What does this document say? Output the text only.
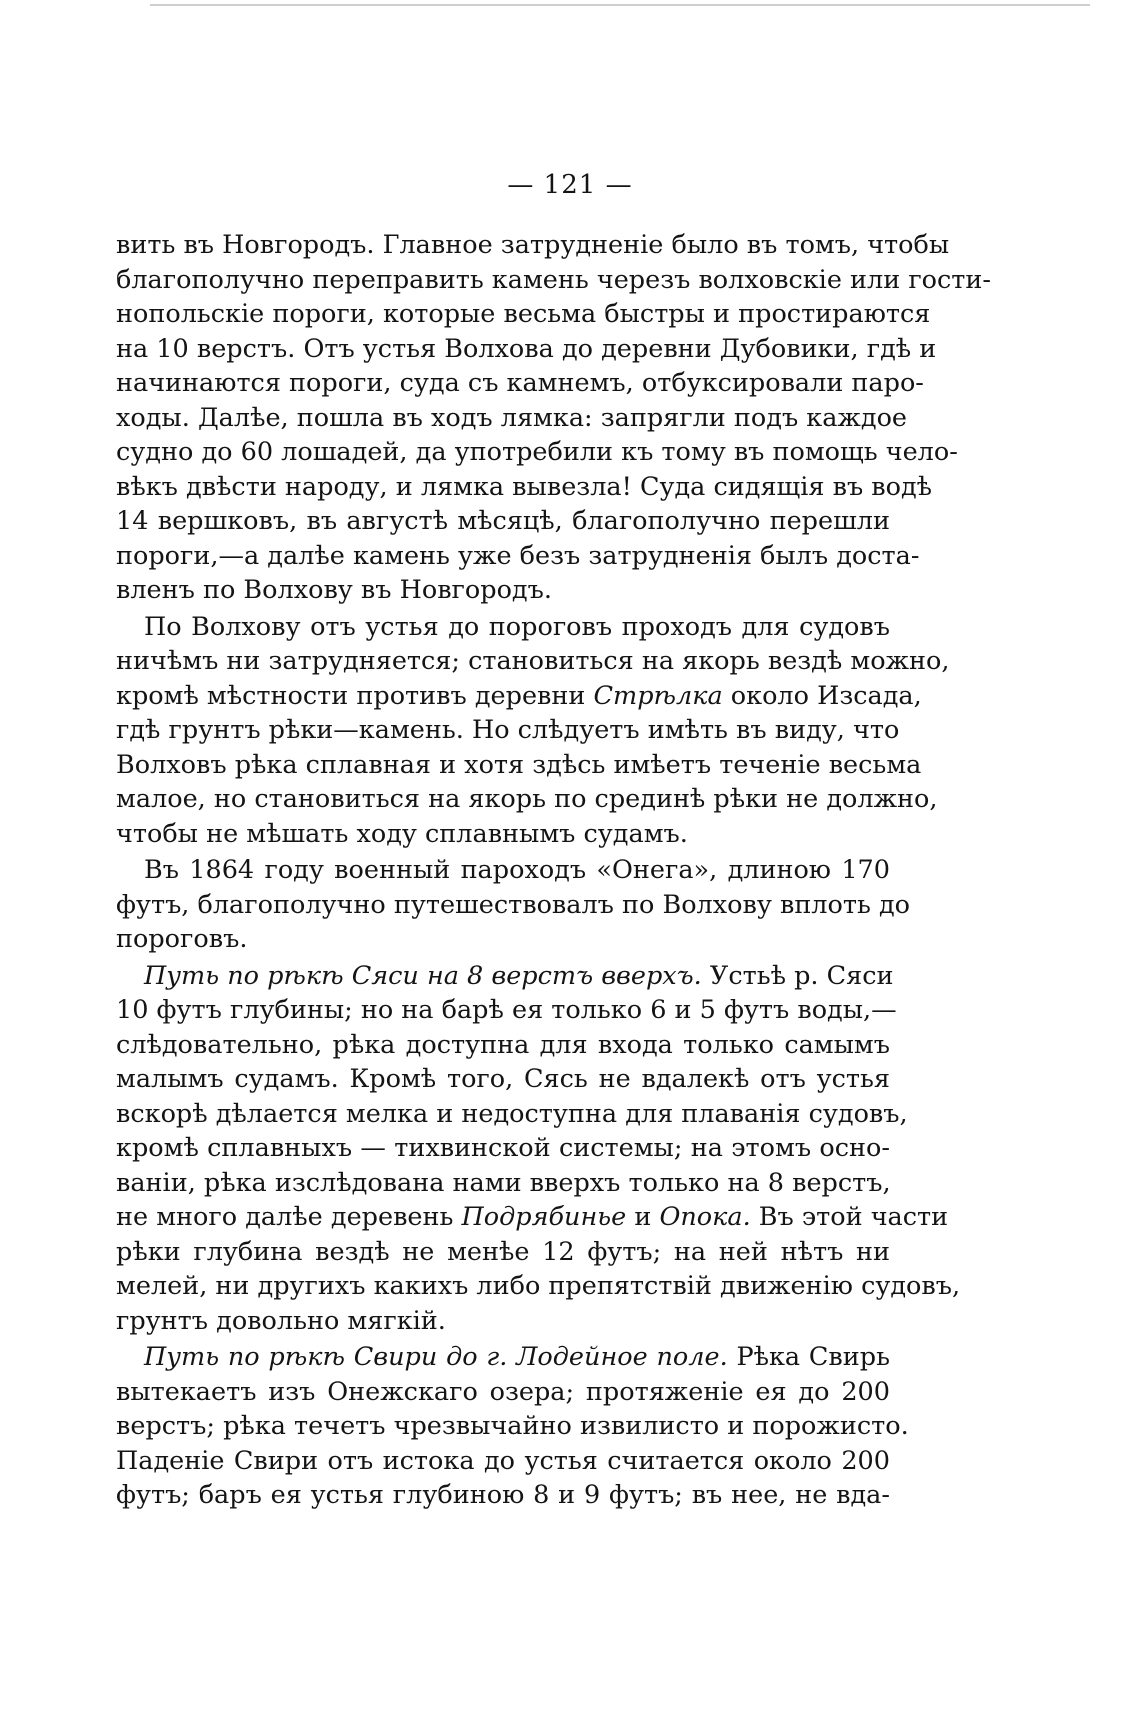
— 121 —
вить въ Новгородъ. Главное затрудненіе было въ томъ, чтобы
благополучно переправить камень черезъ волховскіе или гости-
нопольскіе пороги, которые весьма быстры и простираются
на 10 верстъ. Отъ устья Волхова до деревни Дубовики, гдѣ и
начинаются пороги, суда съ камнемъ, отбуксировали паро-
ходы. Далѣе, пошла въ ходъ лямка: запрягли подъ каждое
судно до 60 лошадей, да употребили къ тому въ помощь чело-
вѣкъ двѣсти народу, и лямка вывезла! Суда сидящія въ водѣ
14 вершковъ, въ августѣ мѣсяцѣ, благополучно перешли
пороги,—а далѣе камень уже безъ затрудненія былъ доста-
вленъ по Волхову въ Новгородъ.
По Волхову отъ устья до пороговъ проходъ для судовъ
ничѣмъ ни затрудняется; становиться на якорь вездѣ можно,
кромѣ мѣстности противъ деревни Стрѣлка около Изсада,
гдѣ грунтъ рѣки—камень. Но слѣдуетъ имѣть въ виду, что
Волховъ рѣка сплавная и хотя здѣсь имѣетъ теченіе весьма
малое, но становиться на якорь по срединѣ рѣки не должно,
чтобы не мѣшать ходу сплавнымъ судамъ.
Въ 1864 году военный пароходъ «Онега», длиною 170
футъ, благополучно путешествовалъ по Волхову вплоть до
пороговъ.
Путь по рѣкѣ Сяси на 8 верстъ вверхъ. Устьѣ р. Сяси
10 футъ глубины; но на барѣ ея только 6 и 5 футъ воды,—
слѣдовательно, рѣка доступна для входа только самымъ
малымъ судамъ. Кромѣ того, Сясь не вдалекѣ отъ устья
вскорѣ дѣлается мелка и недоступна для плаванія судовъ,
кромѣ сплавныхъ — тихвинской системы; на этомъ осно-
ваніи, рѣка изслѣдована нами вверхъ только на 8 верстъ,
не много далѣе деревень Подрябинье и Опока. Въ этой части
рѣки глубина вездѣ не менѣе 12 футъ; на ней нѣтъ ни
мелей, ни другихъ какихъ либо препятствій движенію судовъ,
грунтъ довольно мягкій.
Путь по рѣкѣ Свири до г. Лодейное поле. Рѣка Свирь
вытекаетъ изъ Онежскаго озера; протяженіе ея до 200
верстъ; рѣка течетъ чрезвычайно извилисто и порожисто.
Паденіе Свири отъ истока до устья считается около 200
футъ; баръ ея устья глубиною 8 и 9 футъ; въ нее, не вда-
